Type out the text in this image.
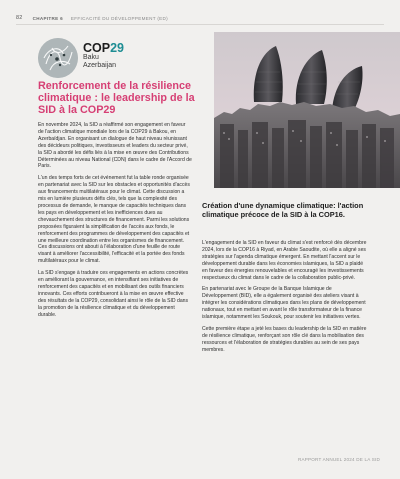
82 CHAPITRE 6 EFFICACITÉ DU DÉVELOPPEMENT (ED)
COP29
Baku
Azerbaijan
Renforcement de la résilience climatique : le leadership de la SID à la COP29

En novembre 2024, la SID a réaffirmé son engagement en faveur de l'action climatique mondiale lors de la COP29 à Bakou, en Azerbaïdjan. En organisant un dialogue de haut niveau réunissant des décideurs politiques, investisseurs et leaders du secteur privé, la SID a abordé les défis liés à la mise en œuvre des Contributions Déterminées au niveau National (CDN) dans le cadre de l'Accord de Paris.

L'un des temps forts de cet événement fut la table ronde organisée en partenariat avec la SID sur les obstacles et opportunités d'accès aux financements multilatéraux pour le climat. Cette discussion a mis en lumière plusieurs défis clés, tels que la complexité des processus de demande, le manque de capacités techniques dans les pays en développement et les inefficiences dues au chevauchement des structures de financement. Parmi les solutions proposées figuraient la simplification de l'accès aux fonds, le renforcement des programmes de développement des capacités et une meilleure coordination entre les organismes de financement. Ces discussions ont abouti à l'élaboration d'une feuille de route visant à améliorer l'accessibilité, l'efficacité et la portée des fonds multilatéraux pour le climat.

La SID s'engage à traduire ces engagements en actions concrètes en améliorant la gouvernance, en intensifiant ses initiatives de renforcement des capacités et en mobilisant des outils financiers innovants. Ces efforts contribueront à la mise en œuvre effective des résultats de la COP29, consolidant ainsi le rôle de la SID dans la promotion de la résilience climatique et du développement durable.

Création d'une dynamique climatique: l'action climatique précoce de la SID à la COP16.

L'engagement de la SID en faveur du climat s'est renforcé dès décembre 2024, lors de la COP16 à Riyad, en Arabie Saoudite, où elle a aligné ses stratégies sur l'agenda climatique émergent. En mettant l'accent sur le développement durable dans les économies islamiques, la SID a plaidé en faveur des énergies renouvelables et encouragé les investissements respectueux du climat dans le cadre de la collaboration public-privé.

En partenariat avec le Groupe de la Banque Islamique de Développement (BID), elle a également organisé des ateliers visant à intégrer les considérations climatiques dans les plans de développement nationaux, tout en mettant en avant le rôle transformateur de la finance islamique, notamment les Soukouk, pour soutenir les initiatives vertes.

Cette première étape a jeté les bases du leadership de la SID en matière de résilience climatique, renforçant son rôle clé dans la mobilisation des ressources et l'élaboration de stratégies durables au sein de ses pays membres.

RAPPORT ANNUEL 2024 DE LA SID
